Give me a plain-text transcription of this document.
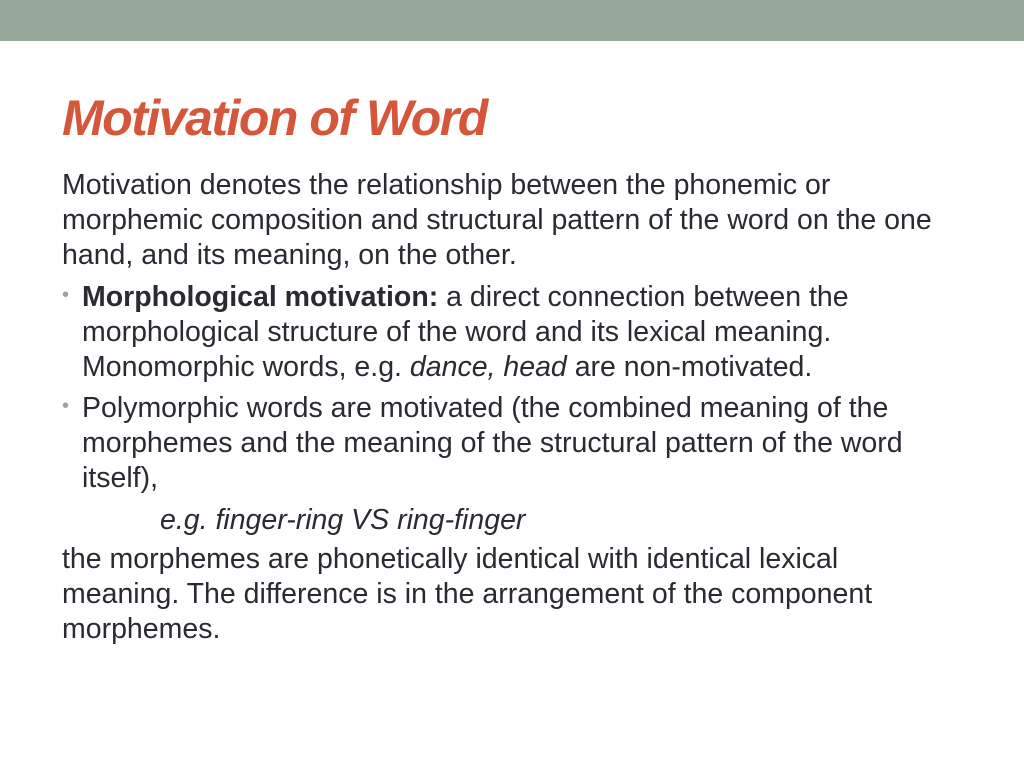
Motivation of Word

Motivation denotes the relationship between the phonemic or morphemic composition and structural pattern of the word on the one hand, and its meaning, on the other.

• Morphological motivation: a direct connection between the morphological structure of the word and its lexical meaning. Monomorphic words, e.g. dance, head are non-motivated.
• Polymorphic words are motivated (the combined meaning of the morphemes and the meaning of the structural pattern of the word itself),

e.g. finger-ring VS ring-finger

the morphemes are phonetically identical with identical lexical meaning. The difference is in the arrangement of the component morphemes.
